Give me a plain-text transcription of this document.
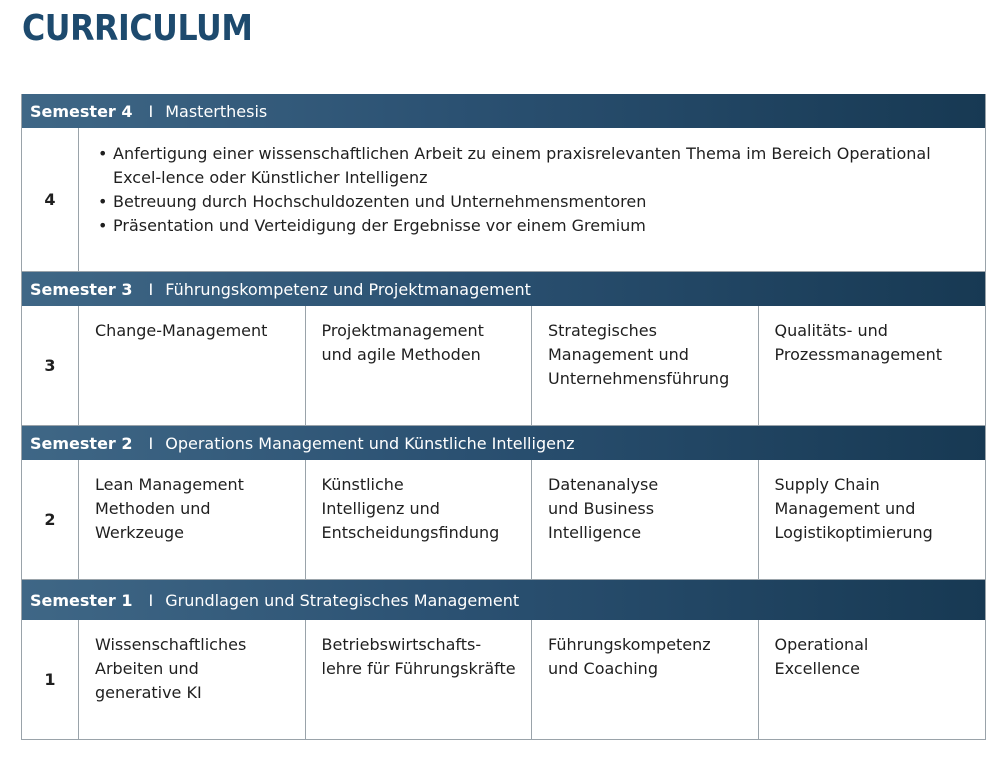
CURRICULUM
Semester 4 I Masterthesis
4
• Anfertigung einer wissenschaftlichen Arbeit zu einem praxisrelevanten Thema im Bereich Operational Excel-lence oder Künstlicher Intelligenz
• Betreuung durch Hochschuldozenten und Unternehmensmentoren
• Präsentation und Verteidigung der Ergebnisse vor einem Gremium
Semester 3 I Führungskompetenz und Projektmanagement
3
Change-Management	Projektmanagement
und agile Methoden
Strategisches
Management und
Unternehmensführung
Qualitäts- und
Prozessmanagement
Semester 2 I Operations Management und Künstliche Intelligenz
2
Lean Management
Methoden und
Werkzeuge
Künstliche
Intelligenz und
Entscheidungsfindung
Datenanalyse
und Business
Intelligence
Supply Chain
Management und
Logistikoptimierung
Semester 1 I Grundlagen und Strategisches Management
1
Wissenschaftliches
Arbeiten und
generative KI
Betriebswirtschafts-
lehre für Führungskräfte
Führungskompetenz
und Coaching
Operational
Excellence
